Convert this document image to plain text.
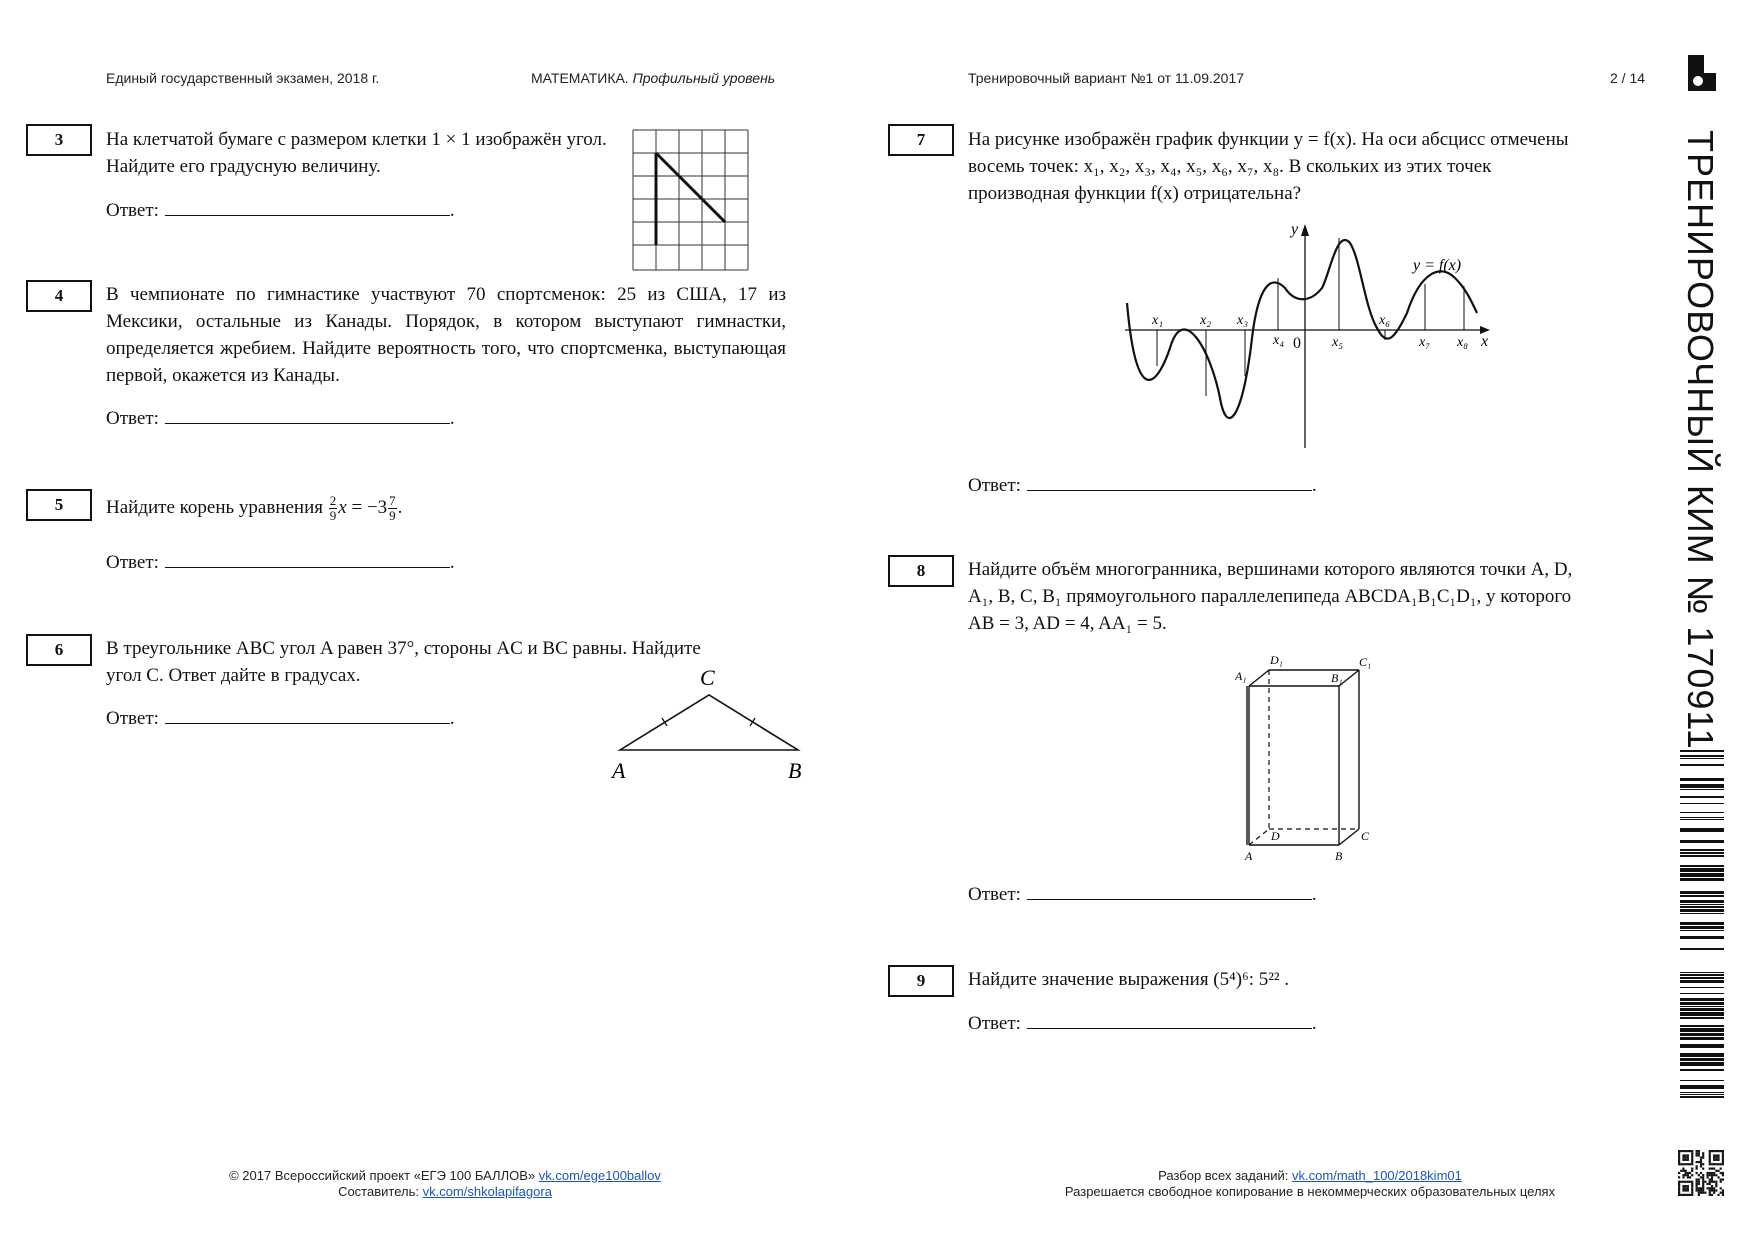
Единый государственный экзамен, 2018 г.	МАТЕМАТИКА. Профильный уровень	Тренировочный вариант №1 от 11.09.2017	2 / 14
3	На клетчатой бумаге с размером клетки 1 × 1 изображён угол. Найдите его градусную величину.
Ответ:	.
4	В чемпионате по гимнастике участвуют 70 спортсменок: 25 из США, 17 из Мексики, остальные из Канады. Порядок, в котором выступают гимнастки, определяется жребием. Найдите вероятность того, что спортсменка, выступающая первой, окажется из Канады.
Ответ:	.
5	Найдите корень уравнения $\frac{2}{9}$ $x = -3 \frac{7}{9}$ .
Ответ:	.
6	В треугольнике ABC угол A равен 37°, стороны AC и BC равны. Найдите
угол C. Ответ дайте в градусах.
Ответ:	.
A	B
C
7	На рисунке изображён график функции y = f(x). На оси абсцисс отмечены
восемь точек: x₁, x₂, x₃, x₄, x₅, x₆, x₇, x₈. В скольких из этих точек
производная функции f(x) отрицательна?
x
y
0
y = f(x)
x₁	x₂ x₃
x₄	x₅
x₆
x₇ x₈
Ответ:	.
8	Найдите объём многогранника, вершинами которого являются точки A, D,
A₁, B, C, B₁ прямоугольного параллелепипеда ABCDA₁B₁C₁D₁, у которого
AB = 3, AD = 4, AA₁ = 5.
A₁
D₁
B₁
C₁
D	C
A	B
Ответ:	.
9	Найдите значение выражения (5⁴)⁶: 5²² .
Ответ:	.
ТРЕНИРОВОЧНЫЙ КИМ № 170911
© 2017 Всероссийский проект «ЕГЭ 100 БАЛЛОВ» vk.com/ege100ballov
Составитель: vk.com/shkolapifagora
Разбор всех заданий: vk.com/math_100/2018kim01
Разрешается свободное копирование в некоммерческих образовательных целях
